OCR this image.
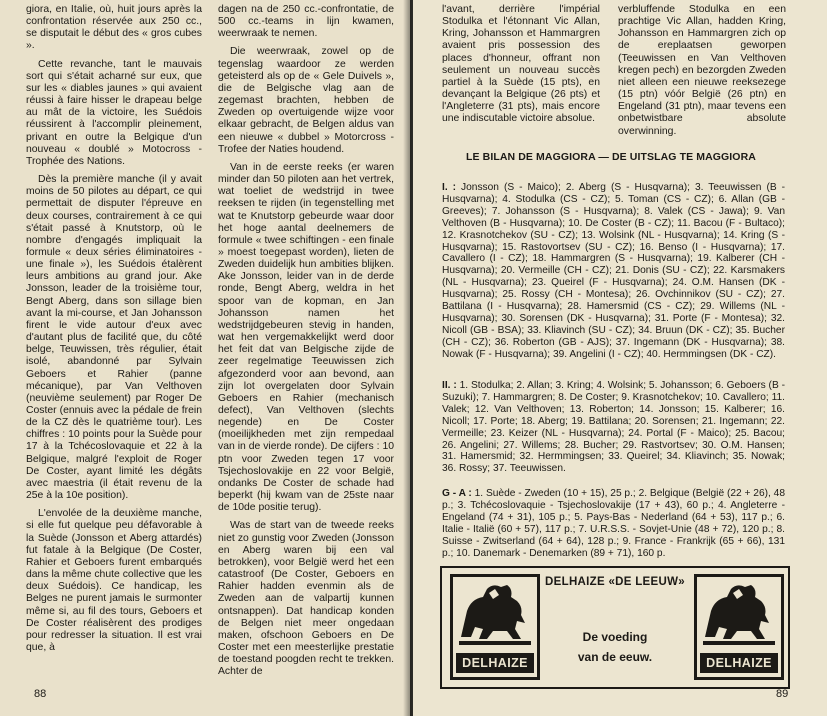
giora, en Italie, où, huit jours après la confrontation réservée aux 250 cc., se disputait le début des « gros cubes ».

Cette revanche, tant le mauvais sort qui s'était acharné sur eux, que sur les « diables jaunes » qui avaient réussi à faire hisser le drapeau belge au mât de la victoire, les Suédois réussirent à l'accomplir pleinement, privant en outre la Belgique d'un nouveau « doublé » Motocross - Trophée des Nations.

Dès la première manche (il y avait moins de 50 pilotes au départ, ce qui permettait de disputer l'épreuve en deux courses, contrairement à ce qui s'était passé à Knutstorp, où le nombre d'engagés impliquait la formule « deux séries éliminatoires - une finale »), les Suédois étalèrent leurs ambitions au grand jour. Ake Jonsson, leader de la troisième tour, Bengt Aberg, dans son sillage bien avant la mi-course, et Jan Johansson firent le vide autour d'eux avec d'autant plus de facilité que, du côté belge, Teuwissen, très régulier, était isolé, abandonné par Sylvain Geboers et Rahier (panne mécanique), par Van Velthoven (neuvième seulement) par Roger De Coster (ennuis avec la pédale de frein de la CZ dès le quatrième tour). Les chiffres : 10 points pour la Suède pour 17 à la Tchécoslovaquie et 22 à la Belgique, malgré l'exploit de Roger De Coster, ayant limité les dégâts avec maestria (il était revenu de la 25e à la 10e position).

L'envolée de la deuxième manche, si elle fut quelque peu défavorable à la Suède (Jonsson et Aberg attardés) fut fatale à la Belgique (De Coster, Rahier et Geboers furent embarqués dans la même chute collective que les deux Suédois). Ce handicap, les Belges ne purent jamais le surmonter même si, au fil des tours, Geboers et De Coster réalisèrent des prodiges pour redresser la situation. Il est vrai que, à

dagen na de 250 cc.-confrontatie, de 500 cc.-teams in lijn kwamen, weerwraak te nemen.

Die weerwraak, zowel op de tegenslag waardoor ze werden geteisterd als op de « Gele Duivels », die de Belgische vlag aan de zegemast brachten, hebben de Zweden op overtuigende wijze voor elkaar gebracht, de Belgen aldus van een nieuwe « dubbel » Motorcross - Trofee der Naties houdend.

Van in de eerste reeks (er waren minder dan 50 piloten aan het vertrek, wat toeliet de wedstrijd in twee reeksen te rijden (in tegenstelling met wat te Knutstorp gebeurde waar door het hoge aantal deelnemers de formule « twee schiftingen - een finale » moest toegepast worden), lieten de Zweden duidelijk hun ambities blijken. Ake Jonsson, leider van in de derde ronde, Bengt Aberg, weldra in het spoor van de kopman, en Jan Johansson namen het wedstrijdgebeuren stevig in handen, wat hen vergemakkelijkt werd door het feit dat van Belgische zijde de zeer regelmatige Teeuwissen zich afgezonderd voor aan bevond, aan zijn lot overgelaten door Sylvain Geboers en Rahier (mechanisch defect), Van Velthoven (slechts negende) en De Coster (moeilijkheden met zijn rempedaal van in de vierde ronde). De cijfers : 10 ptn voor Zweden tegen 17 voor Tsjechoslovakije en 22 voor België, ondanks De Coster de schade had beperkt (hij kwam van de 25ste naar de 10de positie terug).

Was de start van de tweede reeks niet zo gunstig voor Zweden (Jonsson en Aberg waren bij een val betrokken), voor België werd het een catastroof (De Coster, Geboers en Rahier hadden evenmin als de Zweden aan de valpartij kunnen ontsnappen). Dat handicap konden de Belgen niet meer ongedaan maken, ofschoon Geboers en De Coster met een meesterlijke prestatie de toestand poogden recht te trekken. Achter de

88

l'avant, derrière l'impérial Stodulka et l'étonnant Vic Allan, Kring, Johansson et Hammargren avaient pris possession des places d'honneur, offrant non seulement un nouveau succès partiel à la Suède (15 pts), en devançant la Belgique (26 pts) et l'Angleterre (31 pts), mais encore une indiscutable victoire absolue.

verbluffende Stodulka en een prachtige Vic Allan, hadden Kring, Johansson en Hammargren zich op de ereplaatsen geworpen (Teeuwissen en Van Velthoven kregen pech) en bezorgden Zweden niet alleen een nieuwe reeksezege (15 ptn) vóór België (26 ptn) en Engeland (31 ptn), maar tevens een onbetwistbare absolute overwinning.

LE BILAN DE MAGGIORA — DE UITSLAG TE MAGGIORA

I. : Jonsson (S - Maico); 2. Aberg (S - Husqvarna); 3. Teeuwissen (B - Husqvarna); 4. Stodulka (CS - CZ); 5. Toman (CS - CZ); 6. Allan (GB - Greeves); 7. Johansson (S - Husqvarna); 8. Valek (CS - Jawa); 9. Van Velthoven (B - Husqvarna); 10. De Coster (B - CZ); 11. Bacou (F - Bultaco); 12. Krasnotchekov (SU - CZ); 13. Wolsink (NL - Husqvarna); 14. Kring (S - Husqvarna); 15. Rastovortsev (SU - CZ); 16. Benso (I - Husqvarna); 17. Cavallero (I - CZ); 18. Hammargren (S - Husqvarna); 19. Kalberer (CH - Husqvarna); 20. Vermeille (CH - CZ); 21. Donis (SU - CZ); 22. Karsmakers (NL - Husqvarna); 23. Queirel (F - Husqvarna); 24. O.M. Hansen (DK - Husqvarna); 25. Rossy (CH - Montesa); 26. Ovchinnikov (SU - CZ); 27. Battilana (I - Husqvarna); 28. Hamersmid (CS - CZ); 29. Willems (NL - Husqvarna); 30. Sorensen (DK - Husqvarna); 31. Porte (F - Montesa); 32. Nicoll (GB - BSA); 33. Kliavinch (SU - CZ); 34. Bruun (DK - CZ); 35. Bucher (CH - CZ); 36. Roberton (GB - AJS); 37. Ingemann (DK - Husqvarna); 38. Nowak (F - Husqvarna); 39. Angelini (I - CZ); 40. Hermmingsen (DK - CZ).

II. : 1. Stodulka; 2. Allan; 3. Kring; 4. Wolsink; 5. Johansson; 6. Geboers (B - Suzuki); 7. Hammargren; 8. De Coster; 9. Krasnotchekov; 10. Cavallero; 11. Valek; 12. Van Velthoven; 13. Roberton; 14. Jonsson; 15. Kalberer; 16. Nicoll; 17. Porte; 18. Aberg; 19. Battilana; 20. Sorensen; 21. Ingemann; 22. Vermeille; 23. Keizer (NL - Husqvarna); 24. Portal (F - Maico); 25. Bacou; 26. Angelini; 27. Willems; 28. Bucher; 29. Rastvortsev; 30. O.M. Hansen; 31. Hamersmid; 32. Hermmingsen; 33. Queirel; 34. Kliavinch; 35. Nowak; 36. Rossy; 37. Teeuwissen.

G - A : 1. Suède - Zweden (10 + 15), 25 p.; 2. Belgique (België (22 + 26), 48 p.; 3. Tchécoslovaquie - Tsjechoslovakije (17 + 43), 60 p.; 4. Angleterre - Engeland (74 + 31), 105 p.; 5. Pays-Bas - Nederland (64 + 53), 117 p.; 6. Italie - Italië (60 + 57), 117 p.; 7. U.R.S.S. - Sovjet-Unie (48 + 72), 120 p.; 8. Suisse - Zwitserland (64 + 64), 128 p.; 9. France - Frankrijk (65 + 66), 131 p.; 10. Danemark - Denemarken (89 + 71), 160 p.

DELHAIZE
DELHAIZE «DE LEEUW»
De voeding
van de eeuw.	DELHAIZE
89
